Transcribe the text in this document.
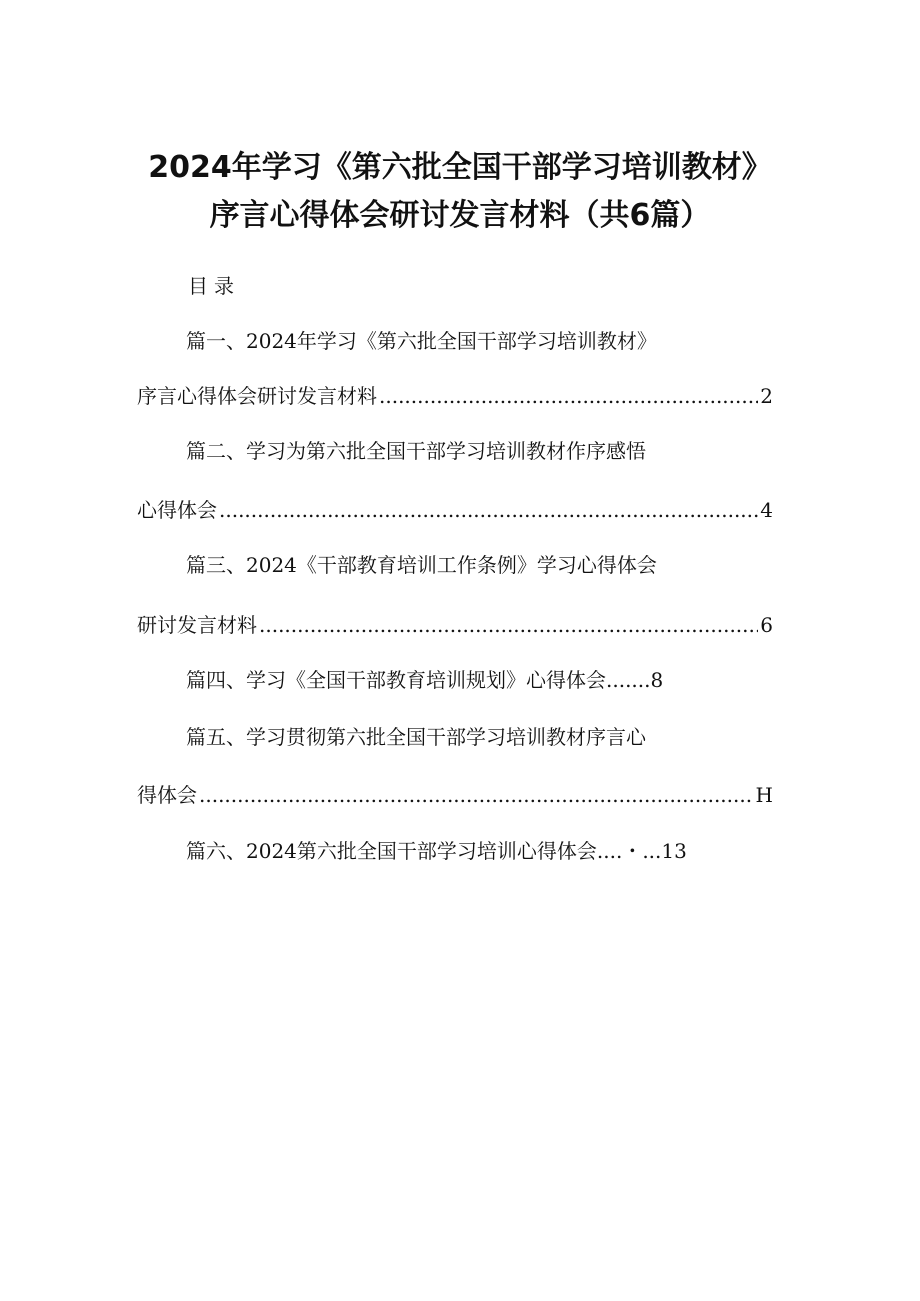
2024年学习《第六批全国干部学习培训教材》
序言心得体会研讨发言材料（共6篇）
目录
篇一、2024年学习《第六批全国干部学习培训教材》
序言心得体会研讨发言材料 .....	2
篇二、学习为第六批全国干部学习培训教材作序感悟
心得体会 .....	4
篇三、2024《干部教育培训工作条例》学习心得体会
研讨发言材料 .....	6
篇四、学习《全国干部教育培训规划》心得体会.......8
篇五、学习贯彻第六批全国干部学习培训教材序言心
得体会 .....	H
篇六、2024第六批全国干部学习培训心得体会....・...13
